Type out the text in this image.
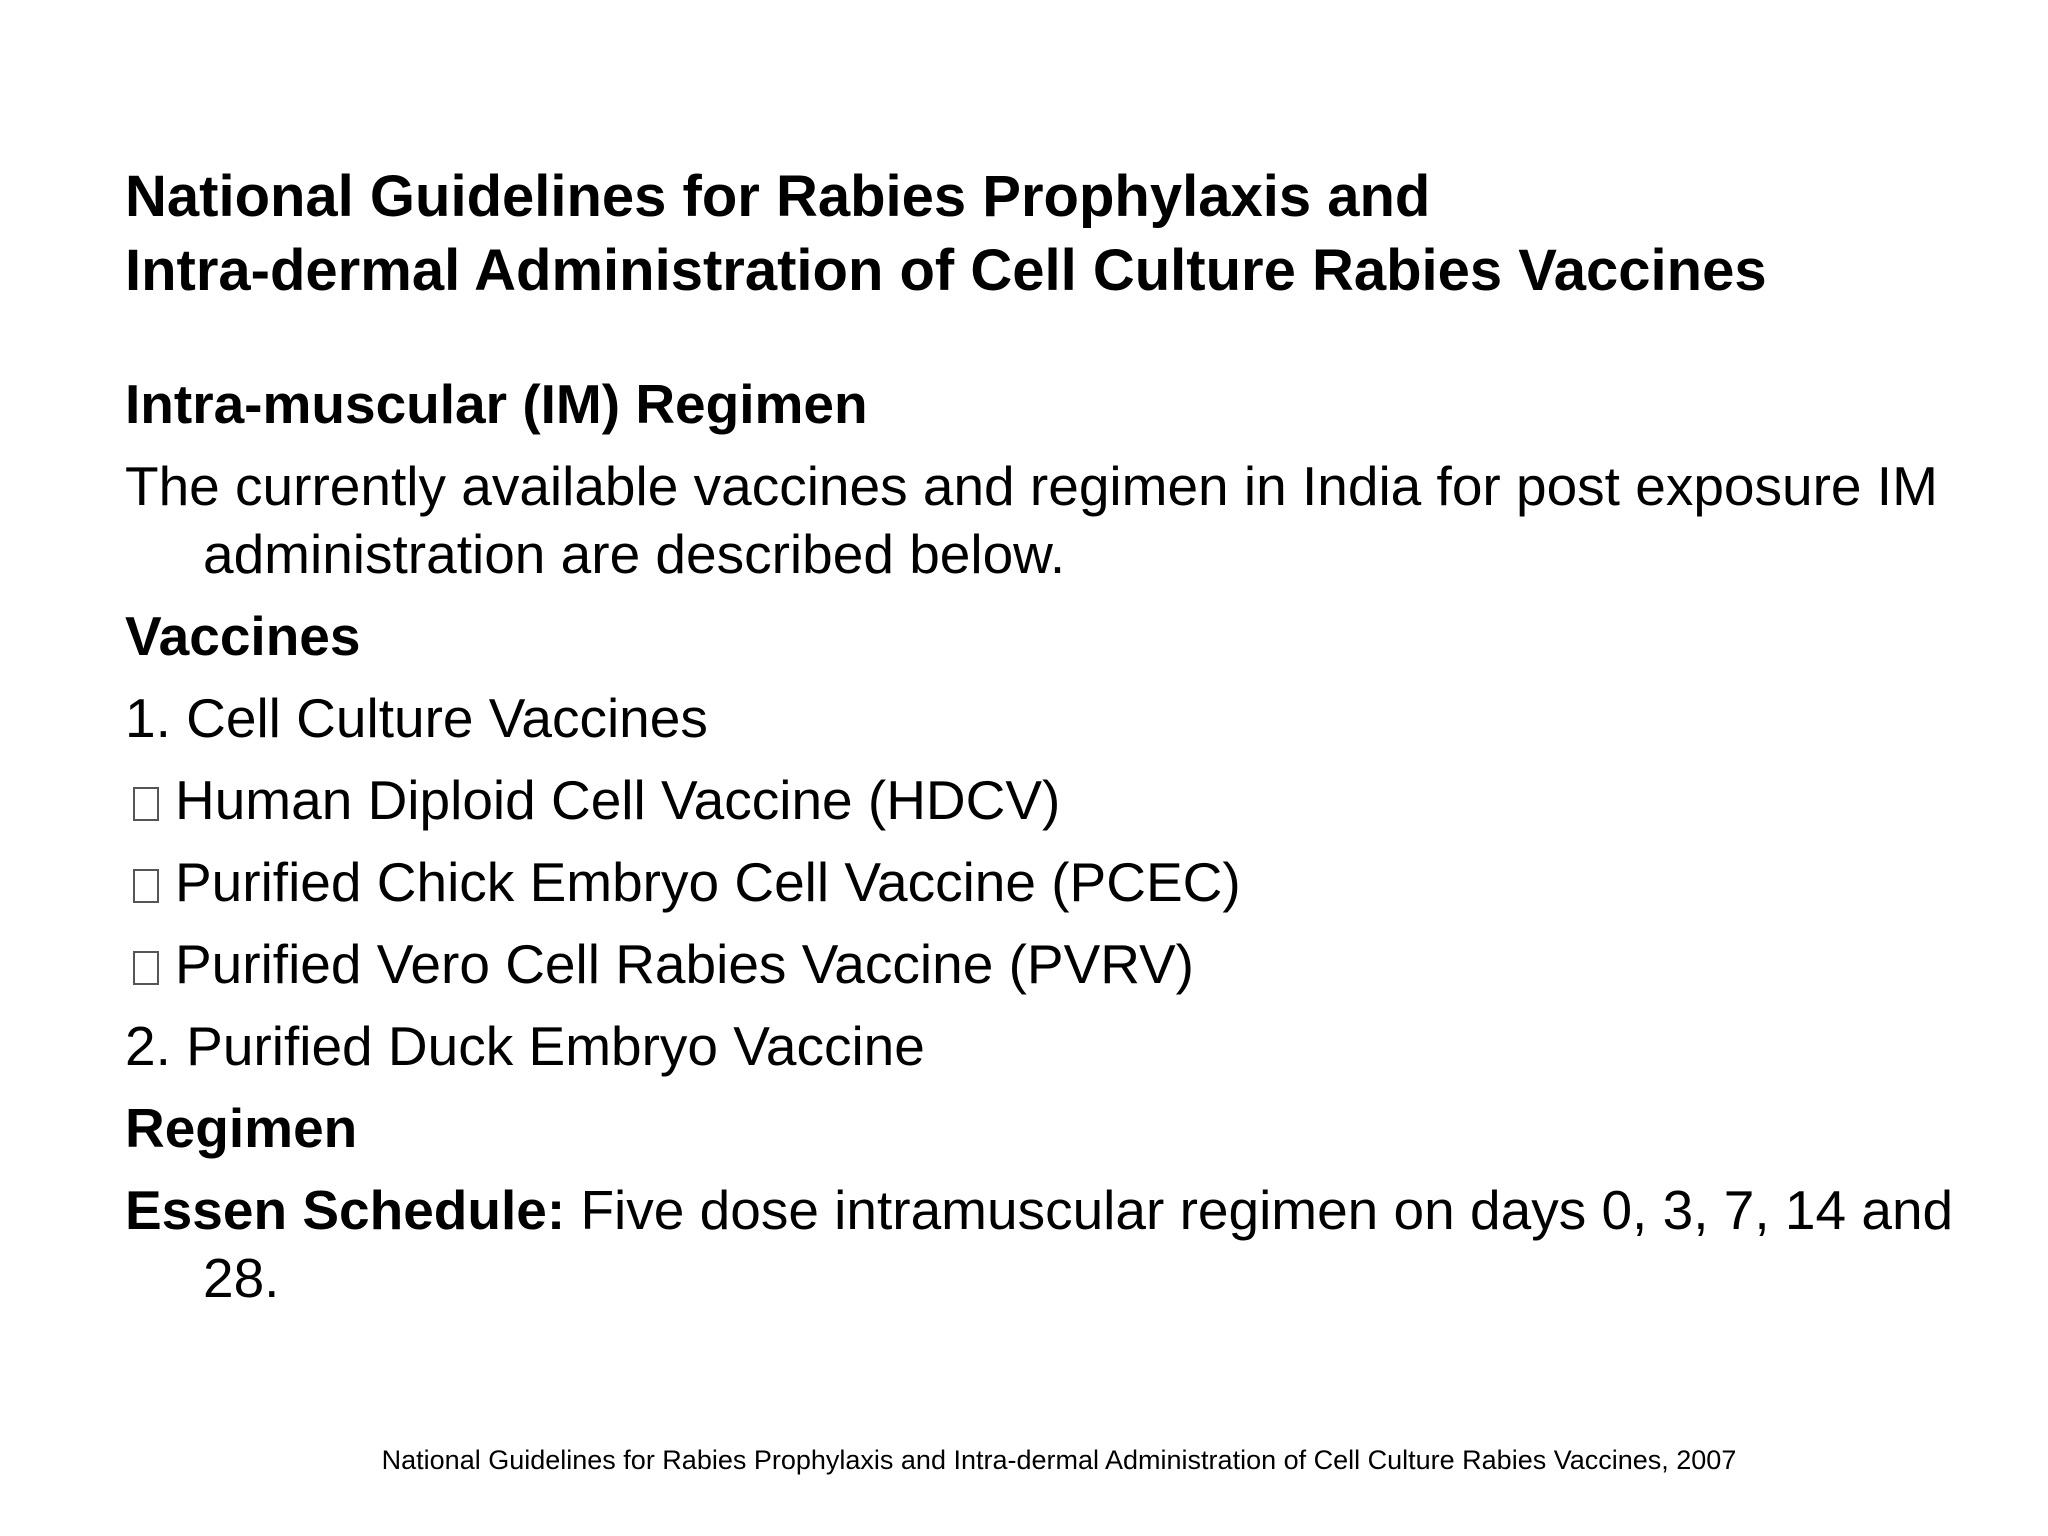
National Guidelines for Rabies Prophylaxis and
Intra-dermal Administration of Cell Culture Rabies Vaccines

Intra-muscular (IM) Regimen

The currently available vaccines and regimen in India for post exposure IM administration are described below.

Vaccines

1. Cell Culture Vaccines

Human Diploid Cell Vaccine (HDCV)

Purified Chick Embryo Cell Vaccine (PCEC)

Purified Vero Cell Rabies Vaccine (PVRV)

2. Purified Duck Embryo Vaccine

Regimen

Essen Schedule: Five dose intramuscular regimen on days 0, 3, 7, 14 and 28.

National Guidelines for Rabies Prophylaxis and Intra-dermal Administration of Cell Culture Rabies Vaccines, 2007
